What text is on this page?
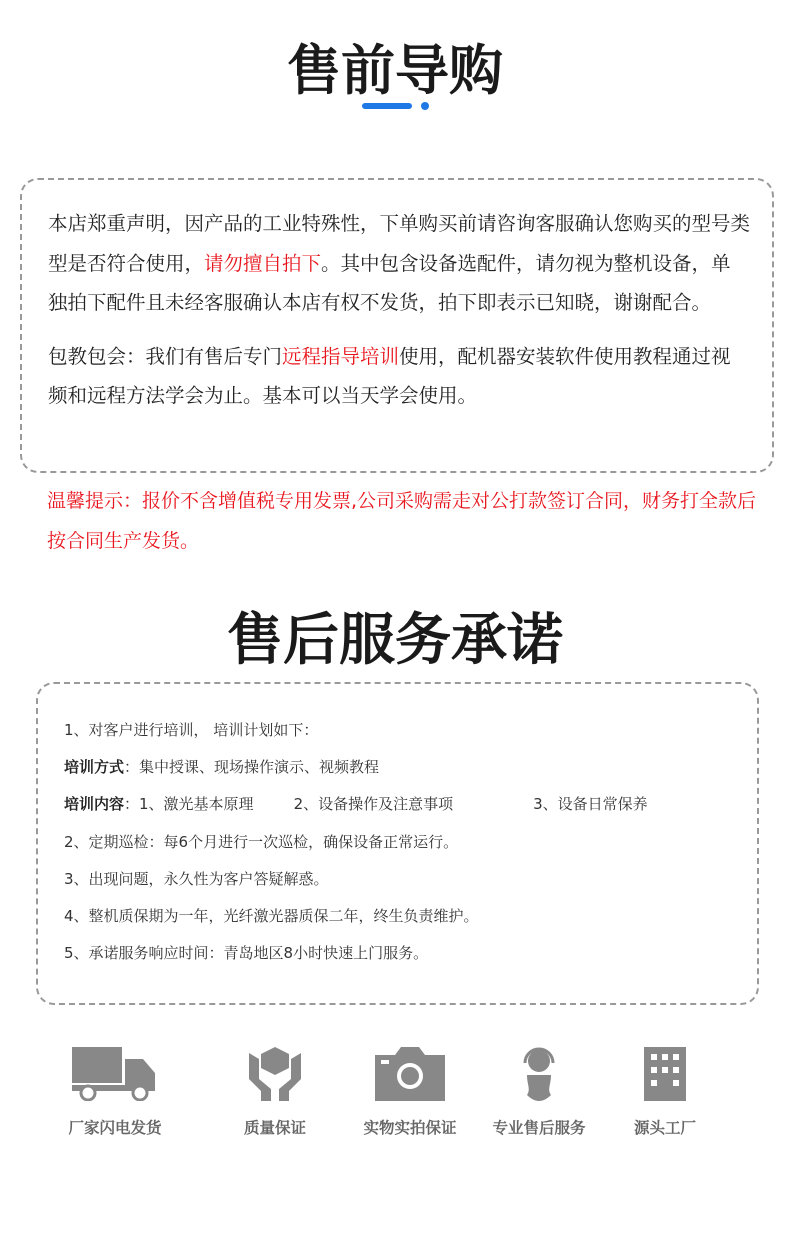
售前导购

本店郑重声明，因产品的工业特殊性，下单购买前请咨询客服确认您购买的型号类型是否符合使用，请勿擅自拍下。其中包含设备选配件，请勿视为整机设备，单独拍下配件且未经客服确认本店有权不发货，拍下即表示已知晓，谢谢配合。

包教包会：我们有售后专门远程指导培训使用，配机器安装软件使用教程通过视频和远程方法学会为止。基本可以当天学会使用。

温馨提示：报价不含增值税专用发票,公司采购需走对公打款签订合同，财务打全款后按合同生产发货。
售后服务承诺
1、对客户进行培训， 培训计划如下：
培训方式：集中授课、现场操作演示、视频教程
培训内容：1、激光基本原理	2、设备操作及注意事项	3、设备日常保养
2、定期巡检：每6个月进行一次巡检，确保设备正常运行。
3、出现问题，永久性为客户答疑解惑。
4、整机质保期为一年，光纤激光器质保二年，终生负责维护。
5、承诺服务响应时间：青岛地区8小时快速上门服务。
厂家闪电发货	质量保证	实物实拍保证	专业售后服务	源头工厂
